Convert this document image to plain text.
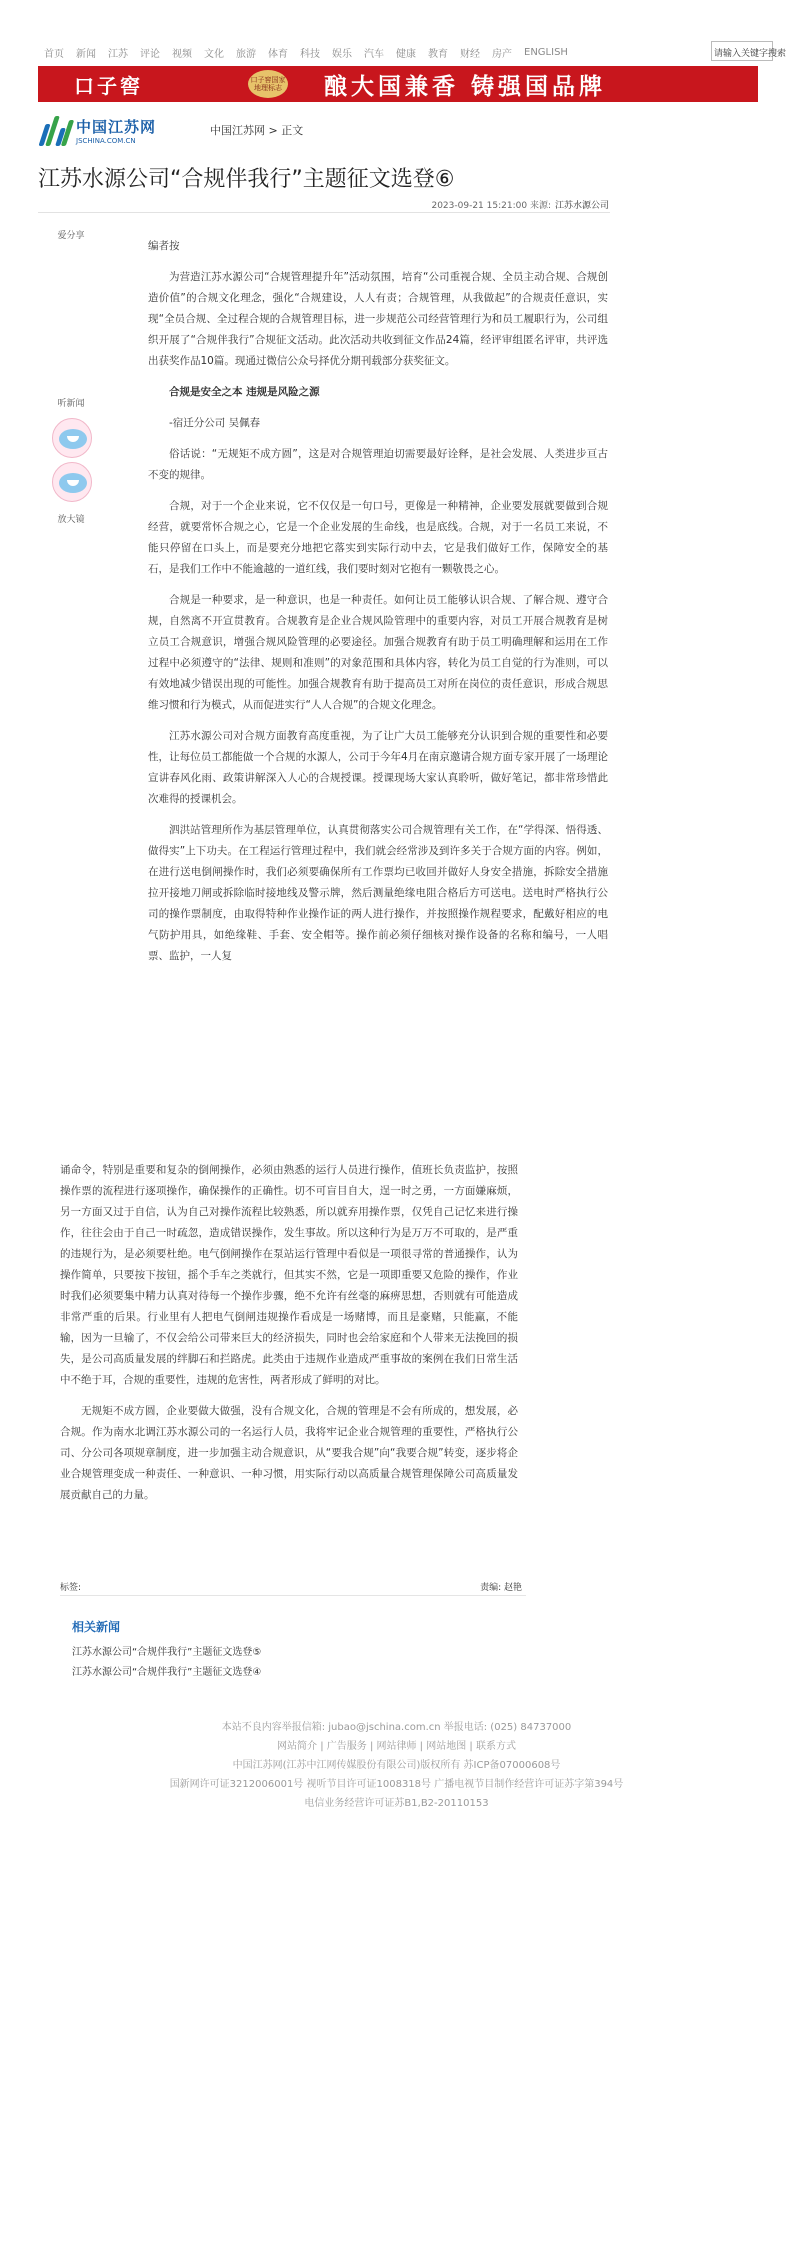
首页 新闻 江苏 评论 视频 文化 旅游 体育 科技 娱乐 汽车 健康 教育 财经 房产 ENGLISH	请输入关键字搜索
口子窖	口子窖国家地理标志 酿大国兼香 铸强国品牌
中国江苏网
JSCHINA.COM.CN
中国江苏网 > 正文
江苏水源公司“合规伴我行”主题征文选登⑥
2023-09-21 15:21:00 来源: 江苏水源公司
爱分享
听新闻
放大镜

编者按

为营造江苏水源公司“合规管理提升年”活动氛围，培育“公司重视合规、全员主动合规、合规创造价值”的合规文化理念，强化“合规建设，人人有责；合规管理，从我做起”的合规责任意识，实现“全员合规、全过程合规的合规管理目标，进一步规范公司经营管理行为和员工履职行为，公司组织开展了“合规伴我行”合规征文活动。此次活动共收到征文作品24篇，经评审组匿名评审，共评选出获奖作品10篇。现通过微信公众号择优分期刊载部分获奖征文。

合规是安全之本 违规是风险之源

-宿迁分公司 吴佩春

俗话说：“无规矩不成方圆”，这是对合规管理迫切需要最好诠释，是社会发展、人类进步亘古不变的规律。

合规，对于一个企业来说，它不仅仅是一句口号，更像是一种精神，企业要发展就要做到合规经营，就要常怀合规之心，它是一个企业发展的生命线，也是底线。合规，对于一名员工来说，不能只停留在口头上，而是要充分地把它落实到实际行动中去，它是我们做好工作，保障安全的基石，是我们工作中不能逾越的一道红线，我们要时刻对它抱有一颗敬畏之心。

合规是一种要求，是一种意识，也是一种责任。如何让员工能够认识合规、了解合规、遵守合规，自然离不开宣贯教育。合规教育是企业合规风险管理中的重要内容，对员工开展合规教育是树立员工合规意识，增强合规风险管理的必要途径。加强合规教育有助于员工明确理解和运用在工作过程中必须遵守的“法律、规则和准则”的对象范围和具体内容，转化为员工自觉的行为准则，可以有效地减少错误出现的可能性。加强合规教育有助于提高员工对所在岗位的责任意识，形成合规思维习惯和行为模式，从而促进实行“人人合规”的合规文化理念。

江苏水源公司对合规方面教育高度重视，为了让广大员工能够充分认识到合规的重要性和必要性，让每位员工都能做一个合规的水源人，公司于今年4月在南京邀请合规方面专家开展了一场理论宣讲春风化雨、政策讲解深入人心的合规授课。授课现场大家认真聆听，做好笔记，都非常珍惜此次难得的授课机会。

泗洪站管理所作为基层管理单位，认真贯彻落实公司合规管理有关工作，在“学得深、悟得透、做得实”上下功夫。在工程运行管理过程中，我们就会经常涉及到许多关于合规方面的内容。例如，在进行送电倒闸操作时，我们必须要确保所有工作票均已收回并做好人身安全措施，拆除安全措施拉开接地刀闸或拆除临时接地线及警示牌，然后测量绝缘电阻合格后方可送电。送电时严格执行公司的操作票制度，由取得特种作业操作证的两人进行操作，并按照操作规程要求，配戴好相应的电气防护用具，如绝缘鞋、手套、安全帽等。操作前必须仔细核对操作设备的名称和编号，一人唱票、监护，一人复

诵命令，特别是重要和复杂的倒闸操作，必须由熟悉的运行人员进行操作，值班长负责监护，按照操作票的流程进行逐项操作，确保操作的正确性。切不可盲目自大，逞一时之勇，一方面嫌麻烦，另一方面又过于自信，认为自己对操作流程比较熟悉，所以就弃用操作票，仅凭自己记忆来进行操作，往往会由于自己一时疏忽，造成错误操作，发生事故。所以这种行为是万万不可取的，是严重的违规行为，是必须要杜绝。电气倒闸操作在泵站运行管理中看似是一项很寻常的普通操作，认为操作简单，只要按下按钮，摇个手车之类就行，但其实不然，它是一项即重要又危险的操作，作业时我们必须要集中精力认真对待每一个操作步骤，绝不允许有丝毫的麻痹思想，否则就有可能造成非常严重的后果。行业里有人把电气倒闸违规操作看成是一场赌博，而且是豪赌，只能赢，不能输，因为一旦输了，不仅会给公司带来巨大的经济损失，同时也会给家庭和个人带来无法挽回的损失，是公司高质量发展的绊脚石和拦路虎。此类由于违规作业造成严重事故的案例在我们日常生活中不绝于耳，合规的重要性，违规的危害性，两者形成了鲜明的对比。

无规矩不成方圆，企业要做大做强，没有合规文化，合规的管理是不会有所成的，想发展，必合规。作为南水北调江苏水源公司的一名运行人员，我将牢记企业合规管理的重要性，严格执行公司、分公司各项规章制度，进一步加强主动合规意识，从“要我合规”向“我要合规”转变，逐步将企业合规管理变成一种责任、一种意识、一种习惯，用实际行动以高质量合规管理保障公司高质量发展贡献自己的力量。

标签:	责编: 赵艳
相关新闻
江苏水源公司“合规伴我行”主题征文选登⑤
江苏水源公司“合规伴我行”主题征文选登④
本站不良内容举报信箱: jubao@jschina.com.cn 举报电话: (025) 84737000
网站简介 | 广告服务 | 网站律师 | 网站地图 | 联系方式
中国江苏网(江苏中江网传媒股份有限公司)版权所有 苏ICP备07000608号
国新网许可证3212006001号 视听节目许可证1008318号 广播电视节目制作经营许可证苏字第394号
电信业务经营许可证苏B1,B2-20110153
